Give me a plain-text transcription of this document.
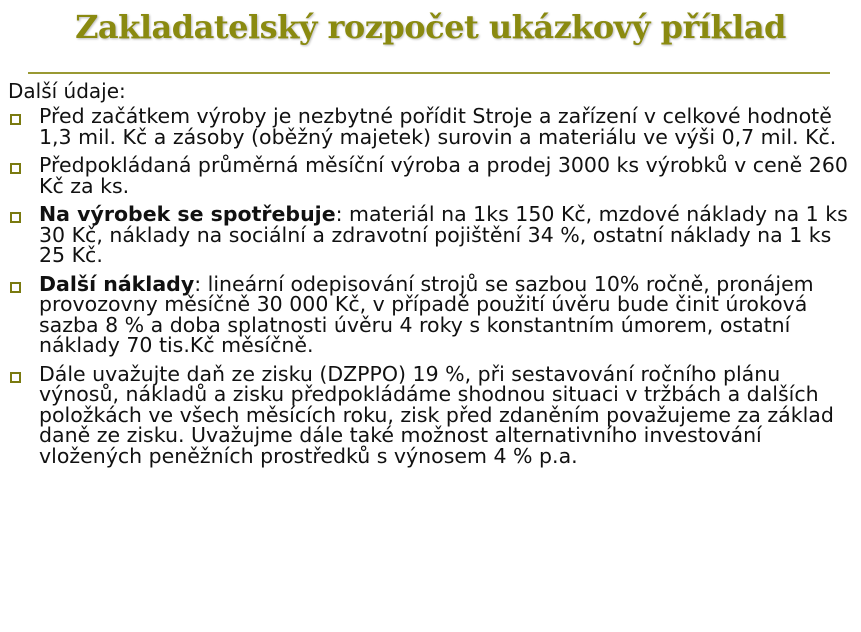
Zakladatelský rozpočet ukázkový příklad
Další údaje:
Před začátkem výroby je nezbytné pořídit Stroje a zařízení v celkové hodnotě 1,3 mil. Kč a zásoby (oběžný majetek) surovin a materiálu ve výši 0,7 mil. Kč.
Předpokládaná průměrná měsíční výroba a prodej 3000 ks výrobků v ceně 260 Kč za ks.
Na výrobek se spotřebuje: materiál na 1ks 150 Kč, mzdové náklady na 1 ks 30 Kč, náklady na sociální a zdravotní pojištění 34 %, ostatní náklady na 1 ks 25 Kč.
Další náklady: lineární odepisování strojů se sazbou 10% ročně, pronájem provozovny měsíčně 30 000 Kč, v případě použití úvěru bude činit úroková sazba 8 % a doba splatnosti úvěru 4 roky s konstantním úmorem, ostatní náklady 70 tis.Kč měsíčně.
Dále uvažujte daň ze zisku (DZPPO) 19 %, při sestavování ročního plánu výnosů, nákladů a zisku předpokládáme shodnou situaci v tržbách a dalších položkách ve všech měsících roku, zisk před zdaněním považujeme za základ daně ze zisku. Uvažujme dále také možnost alternativního investování vložených peněžních prostředků s výnosem 4 % p.a.
